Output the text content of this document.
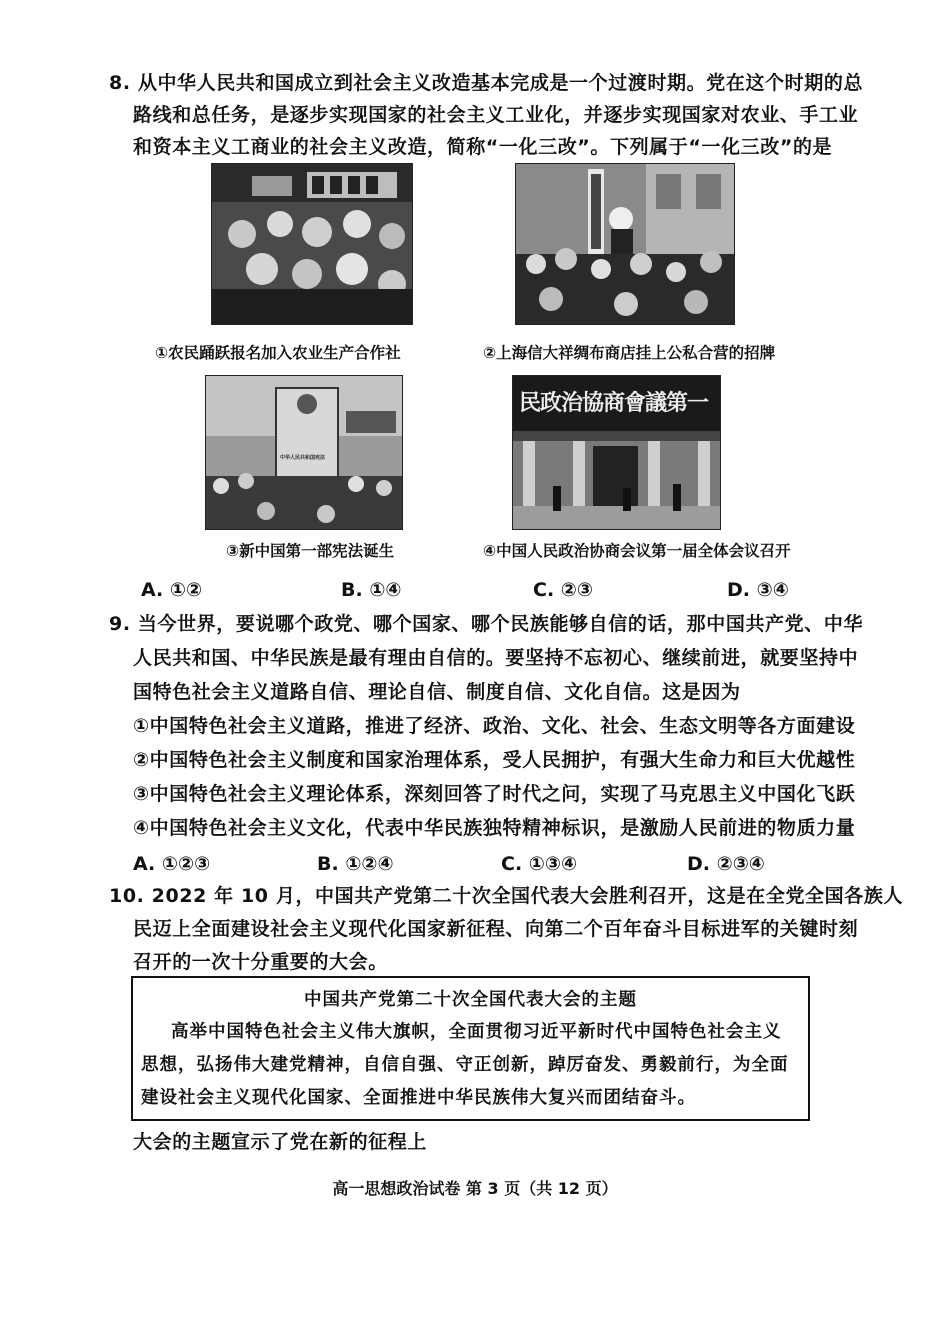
8. 从中华人民共和国成立到社会主义改造基本完成是一个过渡时期。党在这个时期的总
路线和总任务，是逐步实现国家的社会主义工业化，并逐步实现国家对农业、手工业
和资本主义工商业的社会主义改造，简称“一化三改”。下列属于“一化三改”的是
①农民踊跃报名加入农业生产合作社	②上海信大祥绸布商店挂上公私合营的招牌
中华人民共和国宪法
民政治協商會議第一
③新中国第一部宪法诞生	④中国人民政治协商会议第一届全体会议召开
A. ①②	B. ①④	C. ②③	D. ③④
9. 当今世界，要说哪个政党、哪个国家、哪个民族能够自信的话，那中国共产党、中华
人民共和国、中华民族是最有理由自信的。要坚持不忘初心、继续前进，就要坚持中
国特色社会主义道路自信、理论自信、制度自信、文化自信。这是因为
①中国特色社会主义道路，推进了经济、政治、文化、社会、生态文明等各方面建设
②中国特色社会主义制度和国家治理体系，受人民拥护，有强大生命力和巨大优越性
③中国特色社会主义理论体系，深刻回答了时代之问，实现了马克思主义中国化飞跃
④中国特色社会主义文化，代表中华民族独特精神标识，是激励人民前进的物质力量
A. ①②③	B. ①②④	C. ①③④	D. ②③④
10. 2022 年 10 月，中国共产党第二十次全国代表大会胜利召开，这是在全党全国各族人
民迈上全面建设社会主义现代化国家新征程、向第二个百年奋斗目标进军的关键时刻
召开的一次十分重要的大会。
中国共产党第二十次全国代表大会的主题
高举中国特色社会主义伟大旗帜，全面贯彻习近平新时代中国特色社会主义
思想，弘扬伟大建党精神，自信自强、守正创新，踔厉奋发、勇毅前行，为全面
建设社会主义现代化国家、全面推进中华民族伟大复兴而团结奋斗。
大会的主题宣示了党在新的征程上
高一思想政治试卷 第 3 页（共 12 页）
